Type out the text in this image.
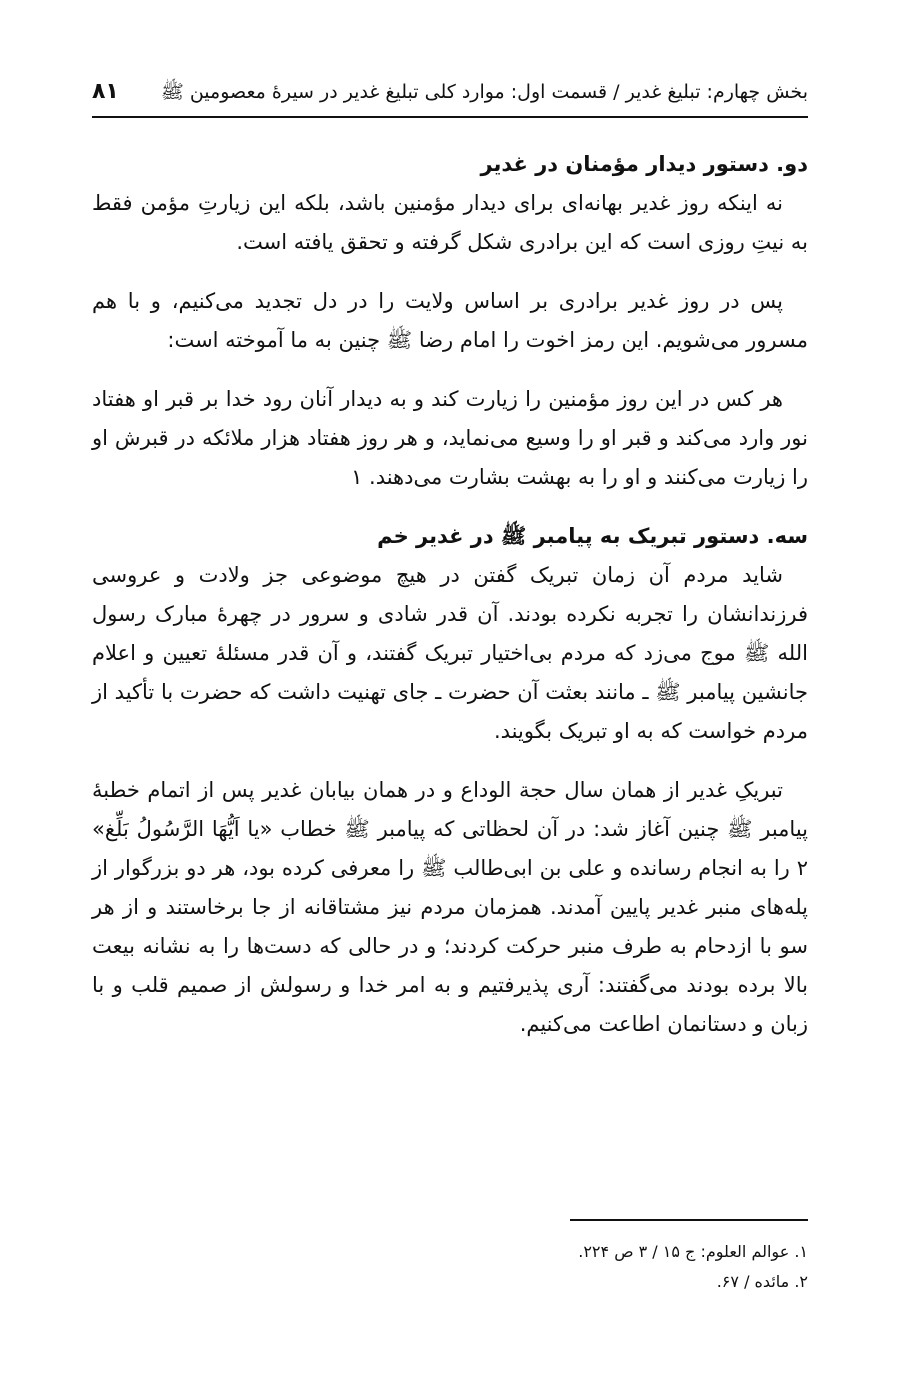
بخش چهارم: تبلیغ غدیر / قسمت اول: موارد کلی تبلیغ غدیر در سیرهٔ معصومین ﷺ
۸۱
دو. دستور دیدار مؤمنان در غدیر

نه اینکه روز غدیر بهانه‌ای برای دیدار مؤمنین باشد، بلکه این زیارتِ مؤمن فقط به نیتِ روزی است که این برادری شکل گرفته و تحقق یافته است.

پس در روز غدیر برادری بر اساس ولایت را در دل تجدید می‌کنیم، و با هم مسرور می‌شویم. این رمز اخوت را امام رضا ﷺ چنین به ما آموخته است:

هر کس در این روز مؤمنین را زیارت کند و به دیدار آنان رود خدا بر قبر او هفتاد نور وارد می‌کند و قبر او را وسیع می‌نماید، و هر روز هفتاد هزار ملائکه در قبرش او را زیارت می‌کنند و او را به بهشت بشارت می‌دهند. ۱

سه. دستور تبریک به پیامبر ﷺ در غدیر خم

شاید مردم آن زمان تبریک گفتن در هیچ موضوعی جز ولادت و عروسی فرزندانشان را تجربه نکرده بودند. آن قدر شادی و سرور در چهرهٔ مبارک رسول الله ﷺ موج می‌زد که مردم بی‌اختیار تبریک گفتند، و آن قدر مسئلهٔ تعیین و اعلام جانشین پیامبر ﷺ ـ مانند بعثت آن حضرت ـ جای تهنیت داشت که حضرت با تأکید از مردم خواست که به او تبریک بگویند.

تبریکِ غدیر از همان سال حجة الوداع و در همان بیابان غدیر پس از اتمام خطبهٔ پیامبر ﷺ چنین آغاز شد: در آن لحظاتی که پیامبر ﷺ خطاب «یا اَیُّهَا الرَّسُولُ بَلِّغ» ۲ را به انجام رسانده و علی بن ابی‌طالب ﷺ را معرفی کرده بود، هر دو بزرگوار از پله‌های منبر غدیر پایین آمدند. همزمان مردم نیز مشتاقانه از جا برخاستند و از هر سو با ازدحام به طرف منبر حرکت کردند؛ و در حالی که دست‌ها را به نشانه بیعت بالا برده بودند می‌گفتند: آری پذیرفتیم و به امر خدا و رسولش از صمیم قلب و با زبان و دستانمان اطاعت می‌کنیم.

۱. عوالم العلوم: ج ۱۵ / ۳ ص ۲۲۴.

۲. مائده / ۶۷.
